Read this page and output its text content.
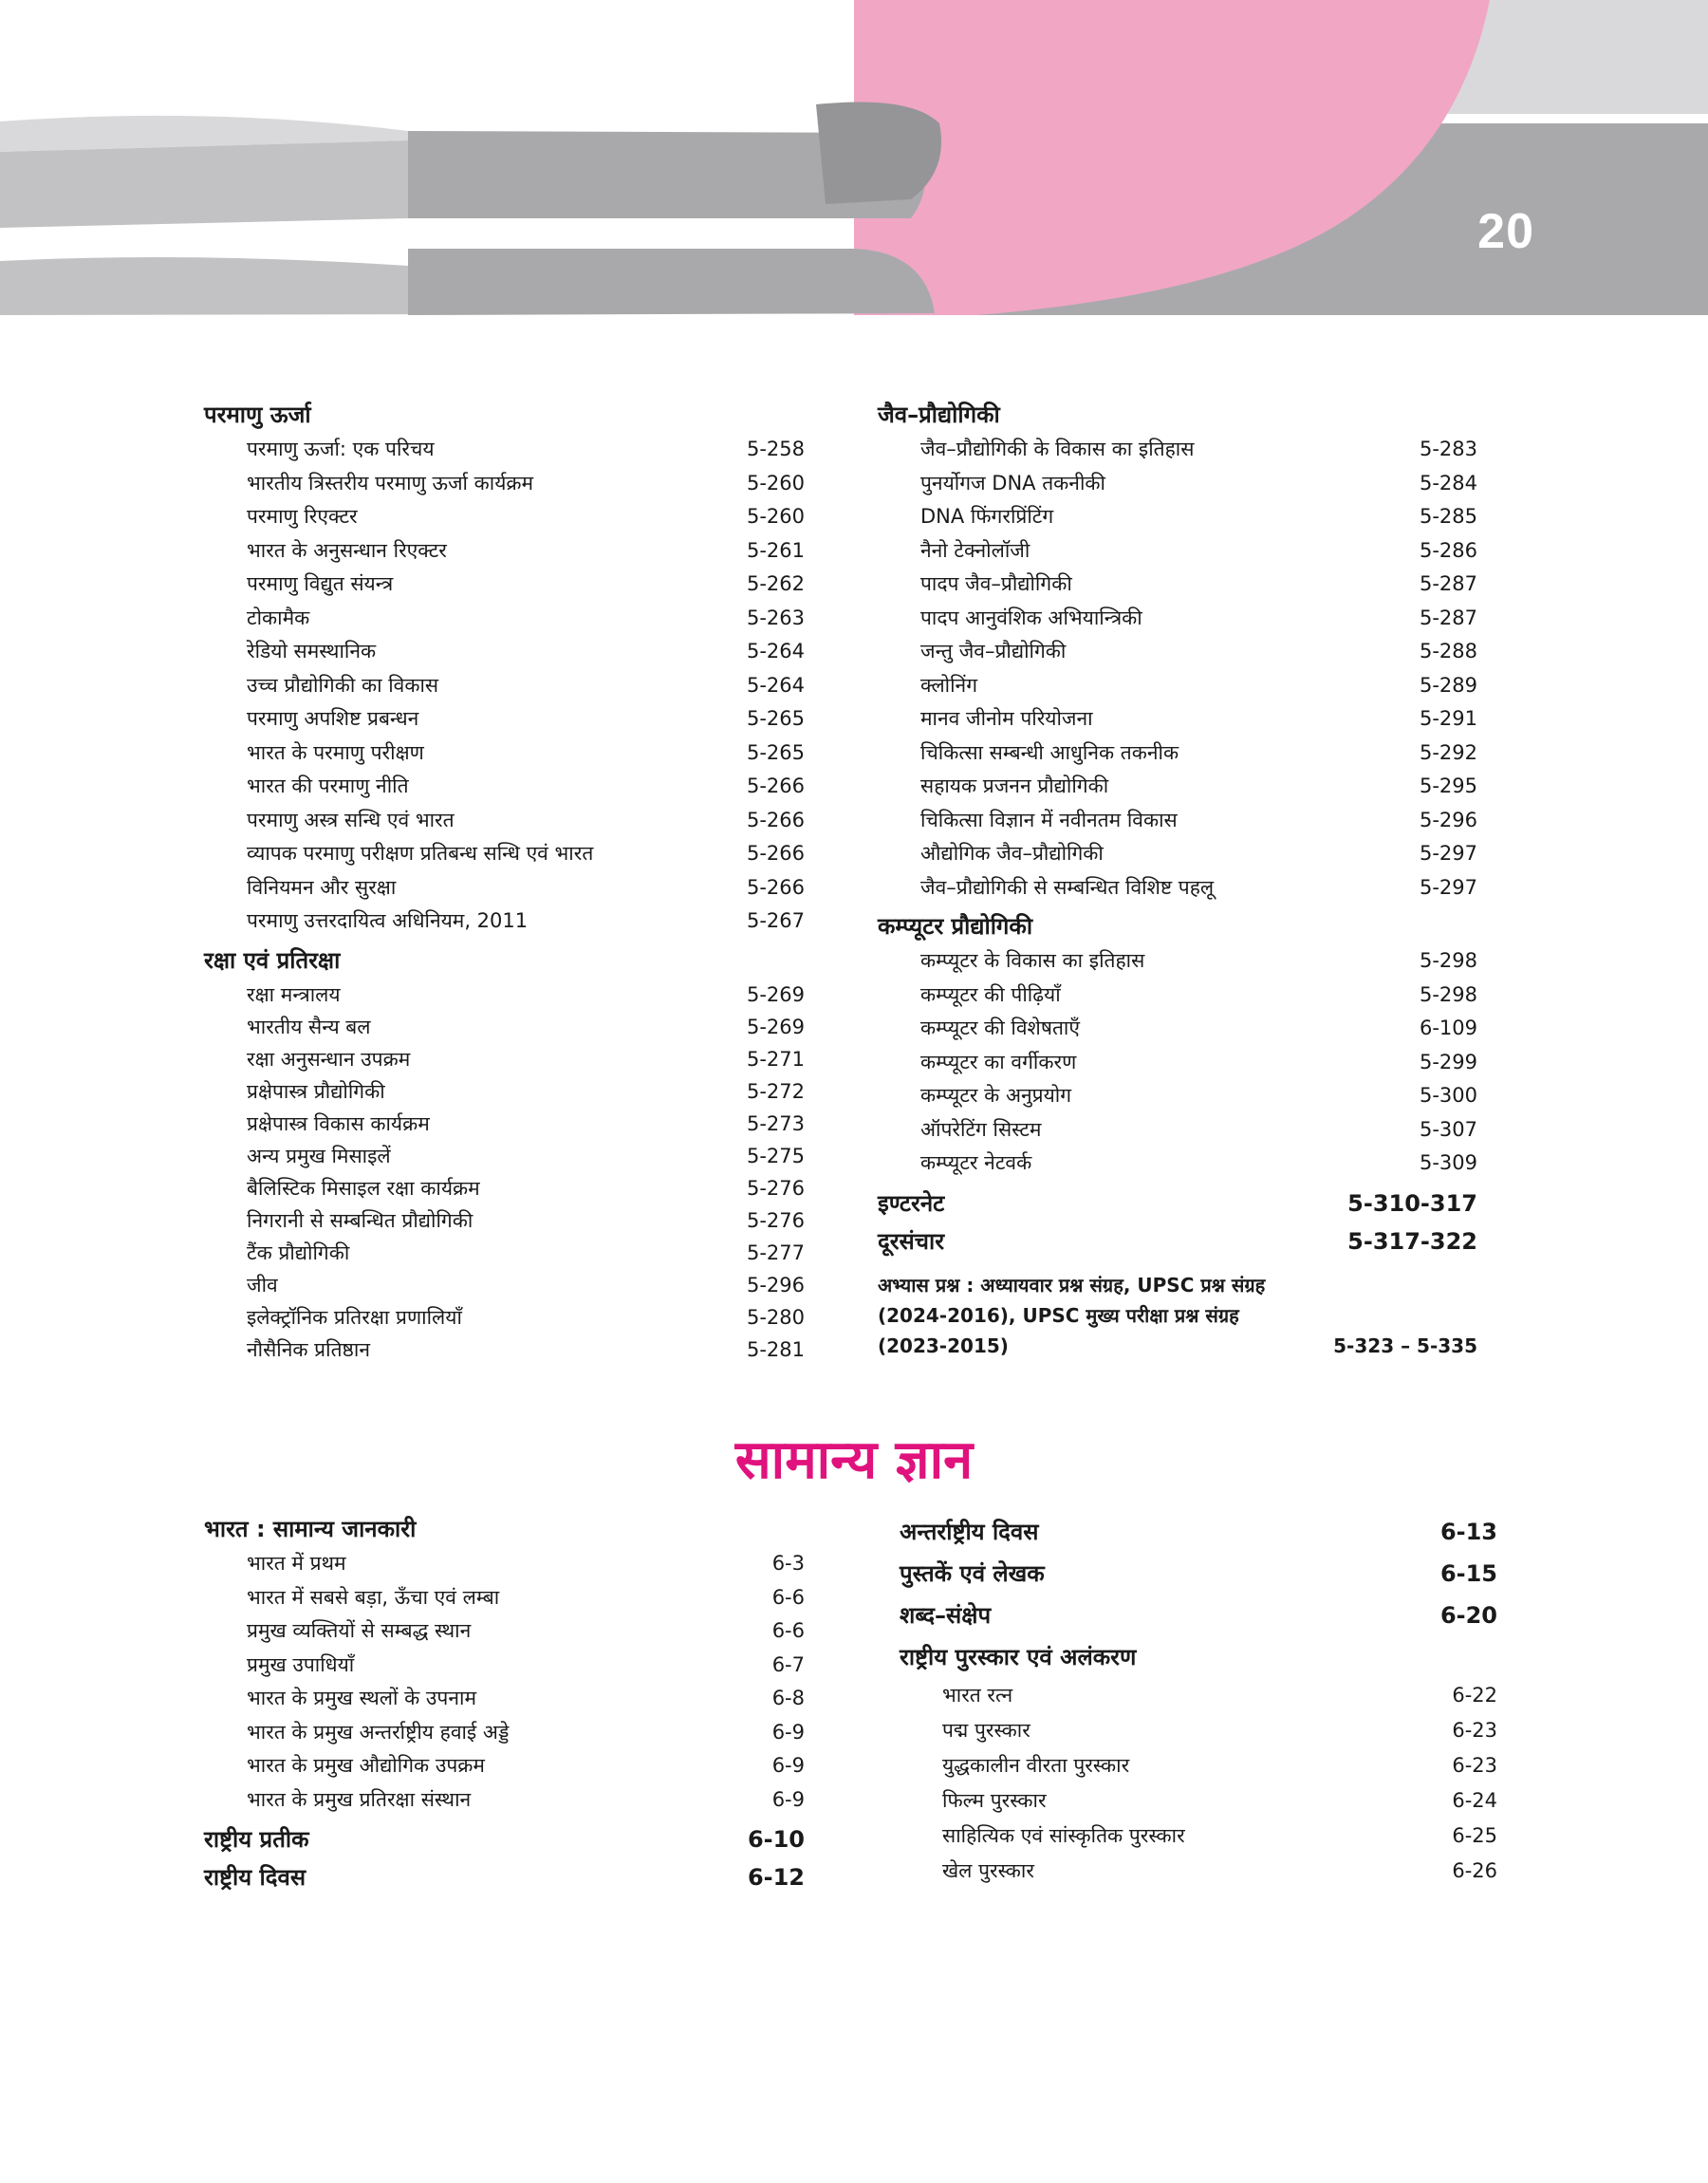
20
परमाणु ऊर्जा
परमाणु ऊर्जा: एक परिचय	5-258
भारतीय त्रिस्तरीय परमाणु ऊर्जा कार्यक्रम	5-260
परमाणु रिएक्टर	5-260
भारत के अनुसन्धान रिएक्टर	5-261
परमाणु विद्युत संयन्त्र	5-262
टोकामैक	5-263
रेडियो समस्थानिक	5-264
उच्च प्रौद्योगिकी का विकास	5-264
परमाणु अपशिष्ट प्रबन्धन	5-265
भारत के परमाणु परीक्षण	5-265
भारत की परमाणु नीति	5-266
परमाणु अस्त्र सन्धि एवं भारत	5-266
व्यापक परमाणु परीक्षण प्रतिबन्ध सन्धि एवं भारत	5-266
विनियमन और सुरक्षा	5-266
परमाणु उत्तरदायित्व अधिनियम, 2011	5-267
रक्षा एवं प्रतिरक्षा
रक्षा मन्त्रालय	5-269
भारतीय सैन्य बल	5-269
रक्षा अनुसन्धान उपक्रम	5-271
प्रक्षेपास्त्र प्रौद्योगिकी	5-272
प्रक्षेपास्त्र विकास कार्यक्रम	5-273
अन्य प्रमुख मिसाइलें	5-275
बैलिस्टिक मिसाइल रक्षा कार्यक्रम	5-276
निगरानी से सम्बन्धित प्रौद्योगिकी	5-276
टैंक प्रौद्योगिकी	5-277
जीव	5-296
इलेक्ट्रॉनिक प्रतिरक्षा प्रणालियाँ	5-280
नौसैनिक प्रतिष्ठान	5-281
जैव–प्रौद्योगिकी
जैव–प्रौद्योगिकी के विकास का इतिहास	5-283
पुनर्योगज DNA तकनीकी	5-284
DNA फिंगरप्रिंटिंग	5-285
नैनो टेक्नोलॉजी	5-286
पादप जैव–प्रौद्योगिकी	5-287
पादप आनुवंशिक अभियान्त्रिकी	5-287
जन्तु जैव–प्रौद्योगिकी	5-288
क्लोनिंग	5-289
मानव जीनोम परियोजना	5-291
चिकित्सा सम्बन्धी आधुनिक तकनीक	5-292
सहायक प्रजनन प्रौद्योगिकी	5-295
चिकित्सा विज्ञान में नवीनतम विकास	5-296
औद्योगिक जैव–प्रौद्योगिकी	5-297
जैव–प्रौद्योगिकी से सम्बन्धित विशिष्ट पहलू	5-297
कम्प्यूटर प्रौद्योगिकी
कम्प्यूटर के विकास का इतिहास	5-298
कम्प्यूटर की पीढ़ियाँ	5-298
कम्प्यूटर की विशेषताएँ	6-109
कम्प्यूटर का वर्गीकरण	5-299
कम्प्यूटर के अनुप्रयोग	5-300
ऑपरेटिंग सिस्टम	5-307
कम्प्यूटर नेटवर्क	5-309
इण्टरनेट	5-310-317
दूरसंचार	5-317-322
अभ्यास प्रश्न : अध्यायवार प्रश्न संग्रह, UPSC प्रश्न संग्रह (2024-2016), UPSC मुख्य परीक्षा प्रश्न संग्रह (2023-2015)	5-323 – 5-335
सामान्य ज्ञान
भारत : सामान्य जानकारी
भारत में प्रथम	6-3
भारत में सबसे बड़ा, ऊँचा एवं लम्बा	6-6
प्रमुख व्यक्तियों से सम्बद्ध स्थान	6-6
प्रमुख उपाधियाँ	6-7
भारत के प्रमुख स्थलों के उपनाम	6-8
भारत के प्रमुख अन्तर्राष्ट्रीय हवाई अड्डे	6-9
भारत के प्रमुख औद्योगिक उपक्रम	6-9
भारत के प्रमुख प्रतिरक्षा संस्थान	6-9
राष्ट्रीय प्रतीक	6-10
राष्ट्रीय दिवस	6-12
अन्तर्राष्ट्रीय दिवस	6-13
पुस्तकें एवं लेखक	6-15
शब्द–संक्षेप	6-20
राष्ट्रीय पुरस्कार एवं अलंकरण
भारत रत्न	6-22
पद्म पुरस्कार	6-23
युद्धकालीन वीरता पुरस्कार	6-23
फिल्म पुरस्कार	6-24
साहित्यिक एवं सांस्कृतिक पुरस्कार	6-25
खेल पुरस्कार	6-26
